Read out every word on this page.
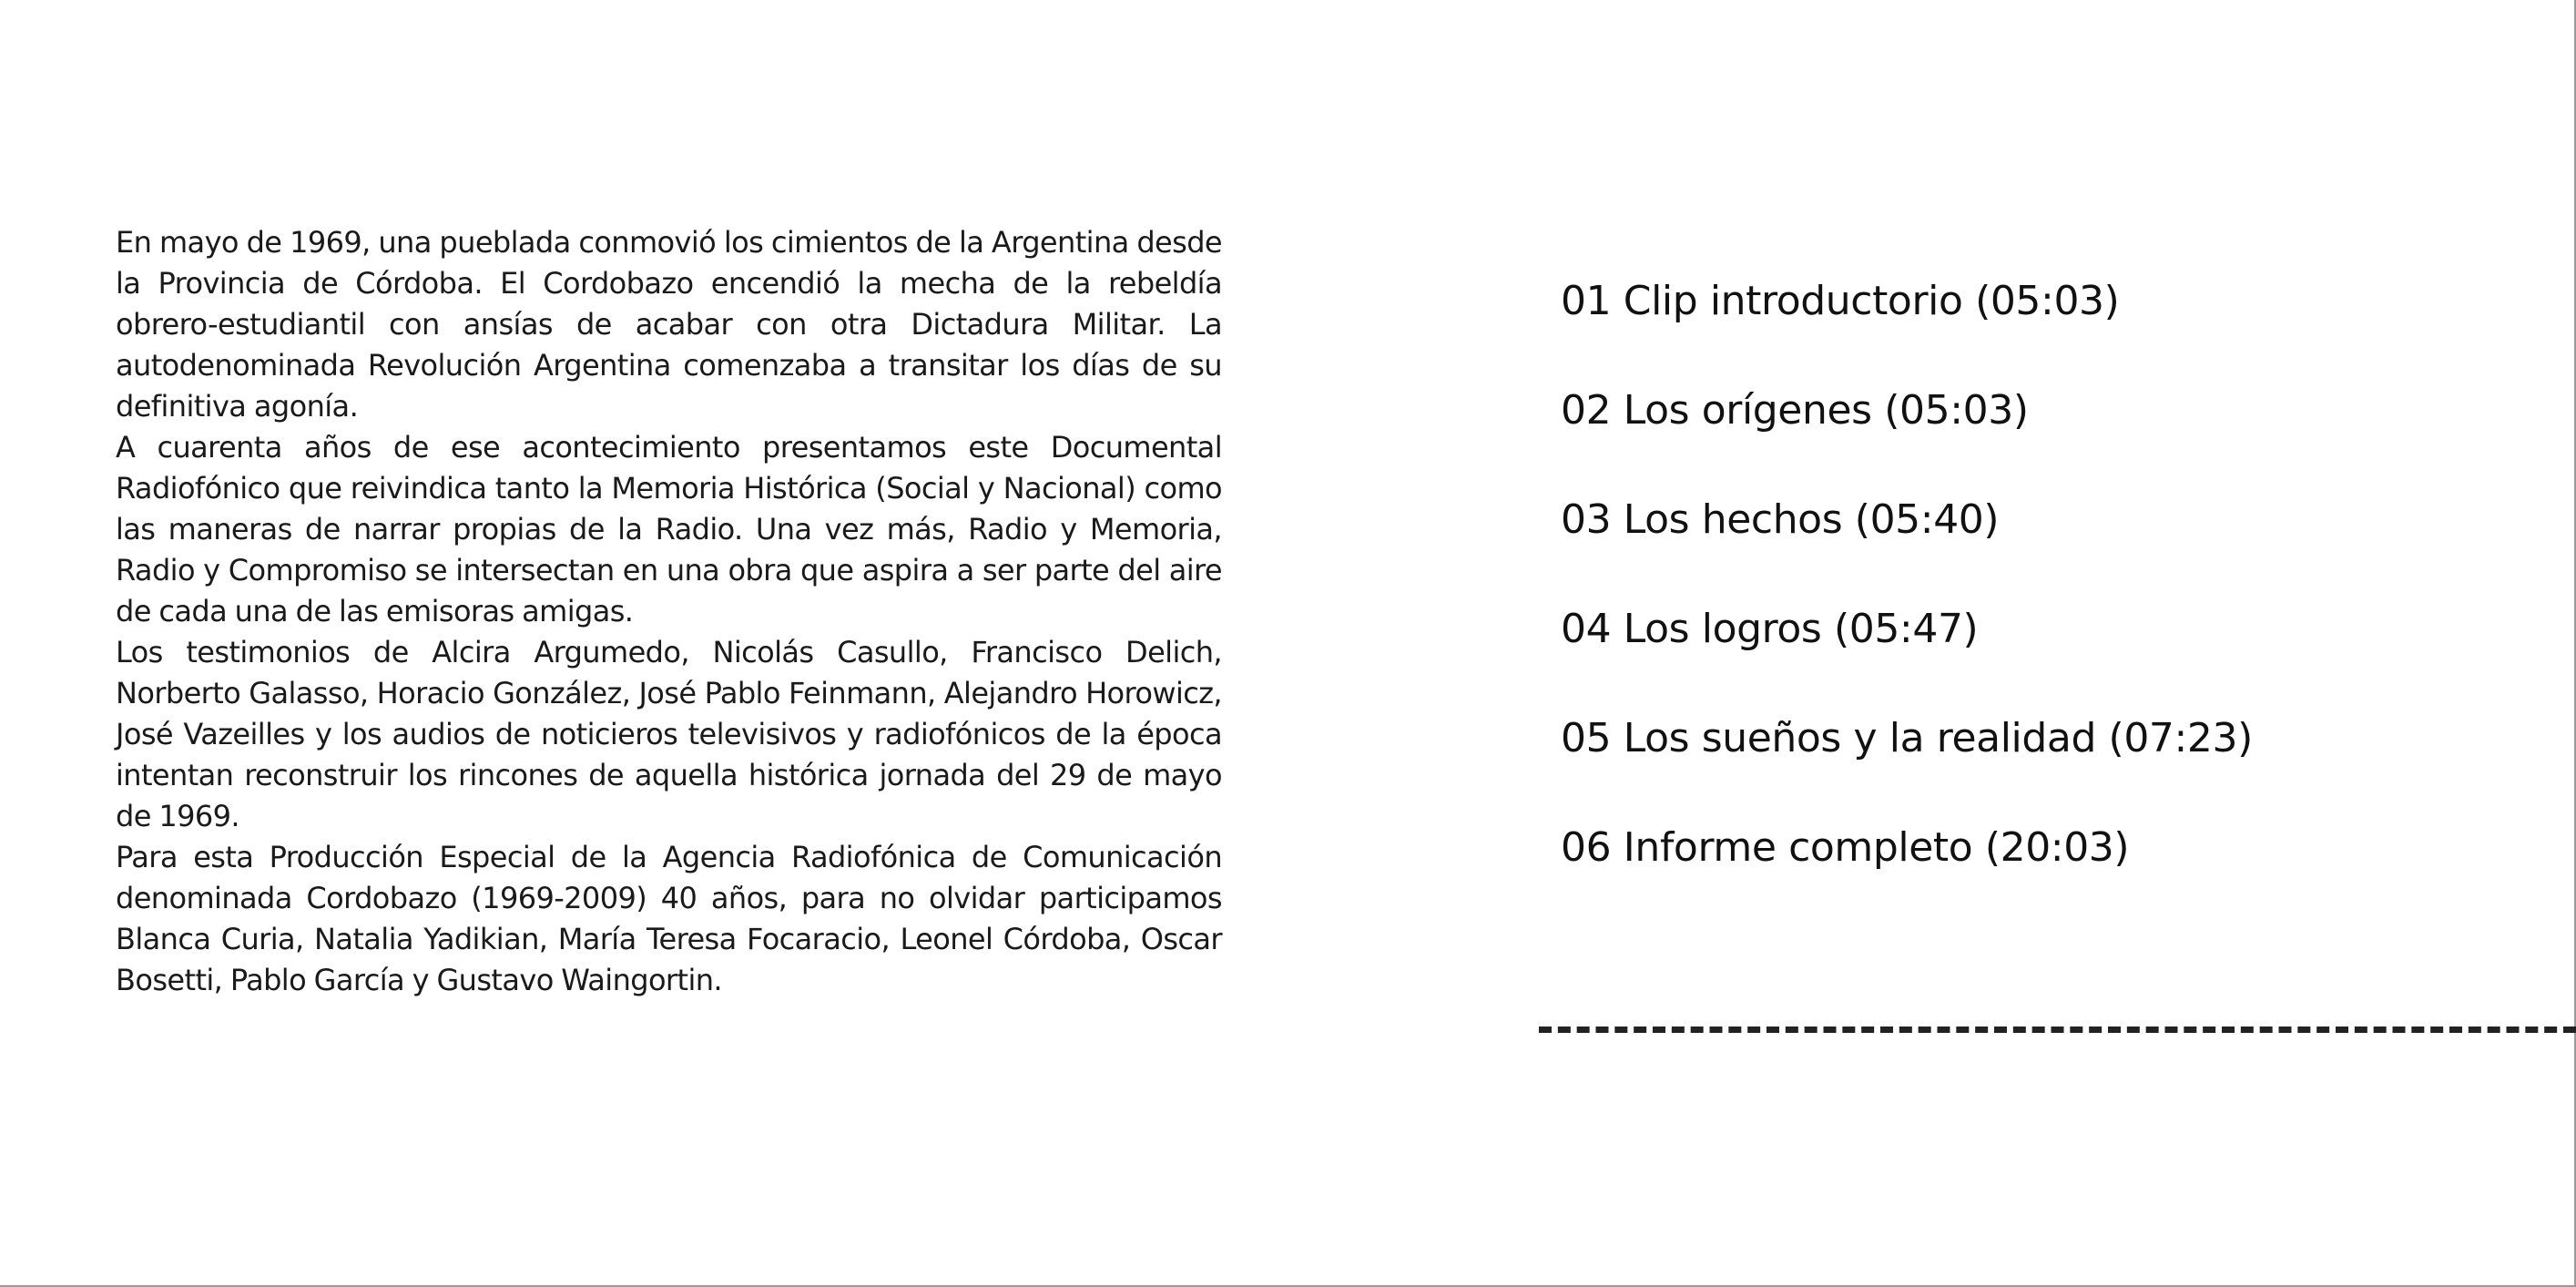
En mayo de 1969, una pueblada conmovió los cimientos de la Argentina desde la Provincia de Córdoba. El Cordobazo encendió la mecha de la rebeldía obrero-estudiantil con ansías de acabar con otra Dictadura Militar. La autodenominada Revolución Argentina comenzaba a transitar los días de su definitiva agonía.

A cuarenta años de ese acontecimiento presentamos este Documental Radiofónico que reivindica tanto la Memoria Histórica (Social y Nacional) como las maneras de narrar propias de la Radio. Una vez más, Radio y Memoria, Radio y Compromiso se intersectan en una obra que aspira a ser parte del aire de cada una de las emisoras amigas.

Los testimonios de Alcira Argumedo, Nicolás Casullo, Francisco Delich, Norberto Galasso, Horacio González, José Pablo Feinmann, Alejandro Horowicz, José Vazeilles y los audios de noticieros televisivos y radiofónicos de la época intentan reconstruir los rincones de aquella histórica jornada del 29 de mayo de 1969.

Para esta Producción Especial de la Agencia Radiofónica de Comunicación denominada Cordobazo (1969-2009) 40 años, para no olvidar participamos Blanca Curia, Natalia Yadikian, María Teresa Focaracio, Leonel Córdoba, Oscar Bosetti, Pablo García y Gustavo Waingortin.

01 Clip introductorio (05:03)
02 Los orígenes (05:03)
03 Los hechos (05:40)
04 Los logros (05:47)
05 Los sueños y la realidad (07:23)
06 Informe completo (20:03)
